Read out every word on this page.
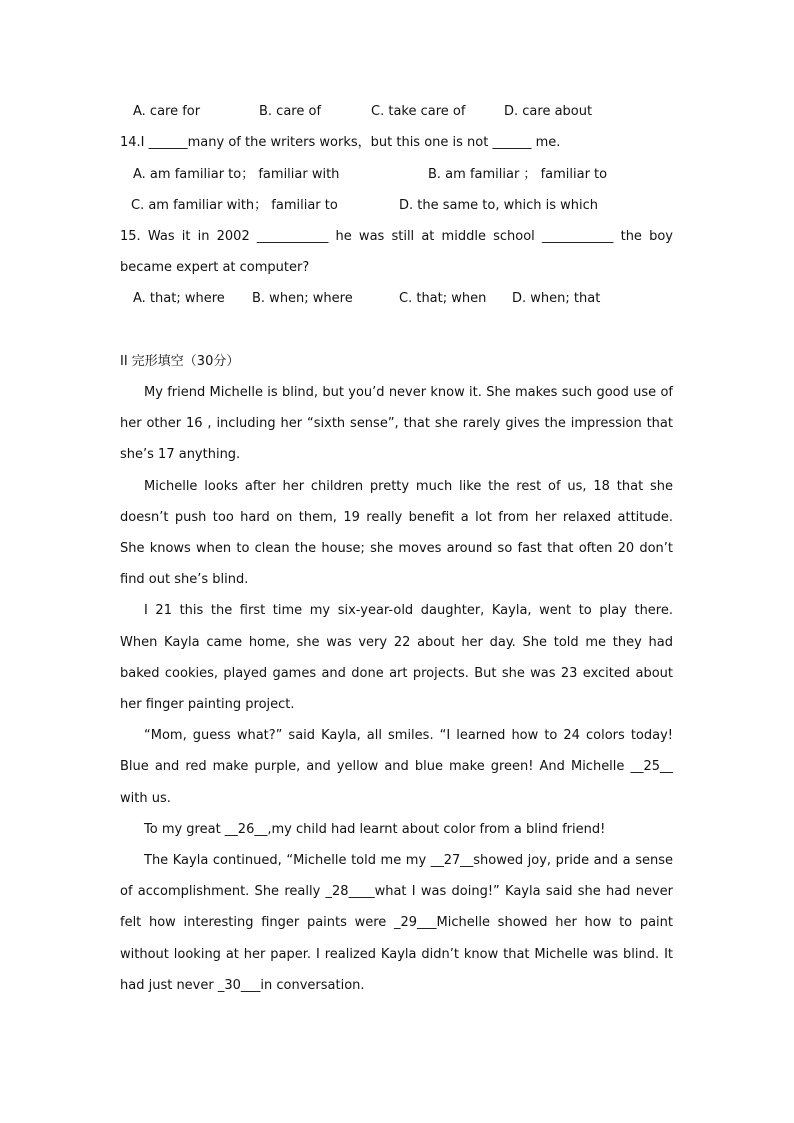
A. care for	B. care of	C. take care of	D. care about
14.I ______many of the writers works，but this one is not ______ me.
A. am familiar to； familiar with	B. am familiar ； familiar to
C. am familiar with； familiar to	D. the same to, which is which
15. Was it in 2002 ___________ he was still at middle school ___________ the boy
became expert at computer?
A. that; where B. when; where	C. that; when D. when; that
II 完形填空（30分）
My friend Michelle is blind, but you’d never know it. She makes such good use of
her other 16 , including her “sixth sense”, that she rarely gives the impression that
she’s 17 anything.
Michelle looks after her children pretty much like the rest of us, 18 that she
doesn’t push too hard on them, 19 really benefit a lot from her relaxed attitude.
She knows when to clean the house; she moves around so fast that often 20 don’t
find out she’s blind.
I 21 this the first time my six-year-old daughter, Kayla, went to play there.
When Kayla came home, she was very 22 about her day. She told me they had
baked cookies, played games and done art projects. But she was 23 excited about
her finger painting project.
“Mom, guess what?” said Kayla, all smiles. “I learned how to 24 colors today!
Blue and red make purple, and yellow and blue make green! And Michelle __25__
with us.
To my great __26__,my child had learnt about color from a blind friend!
The Kayla continued, “Michelle told me my __27__showed joy, pride and a sense
of accomplishment. She really _28____what I was doing!” Kayla said she had never
felt how interesting finger paints were _29___Michelle showed her how to paint
without looking at her paper. I realized Kayla didn’t know that Michelle was blind. It
had just never _30___in conversation.
